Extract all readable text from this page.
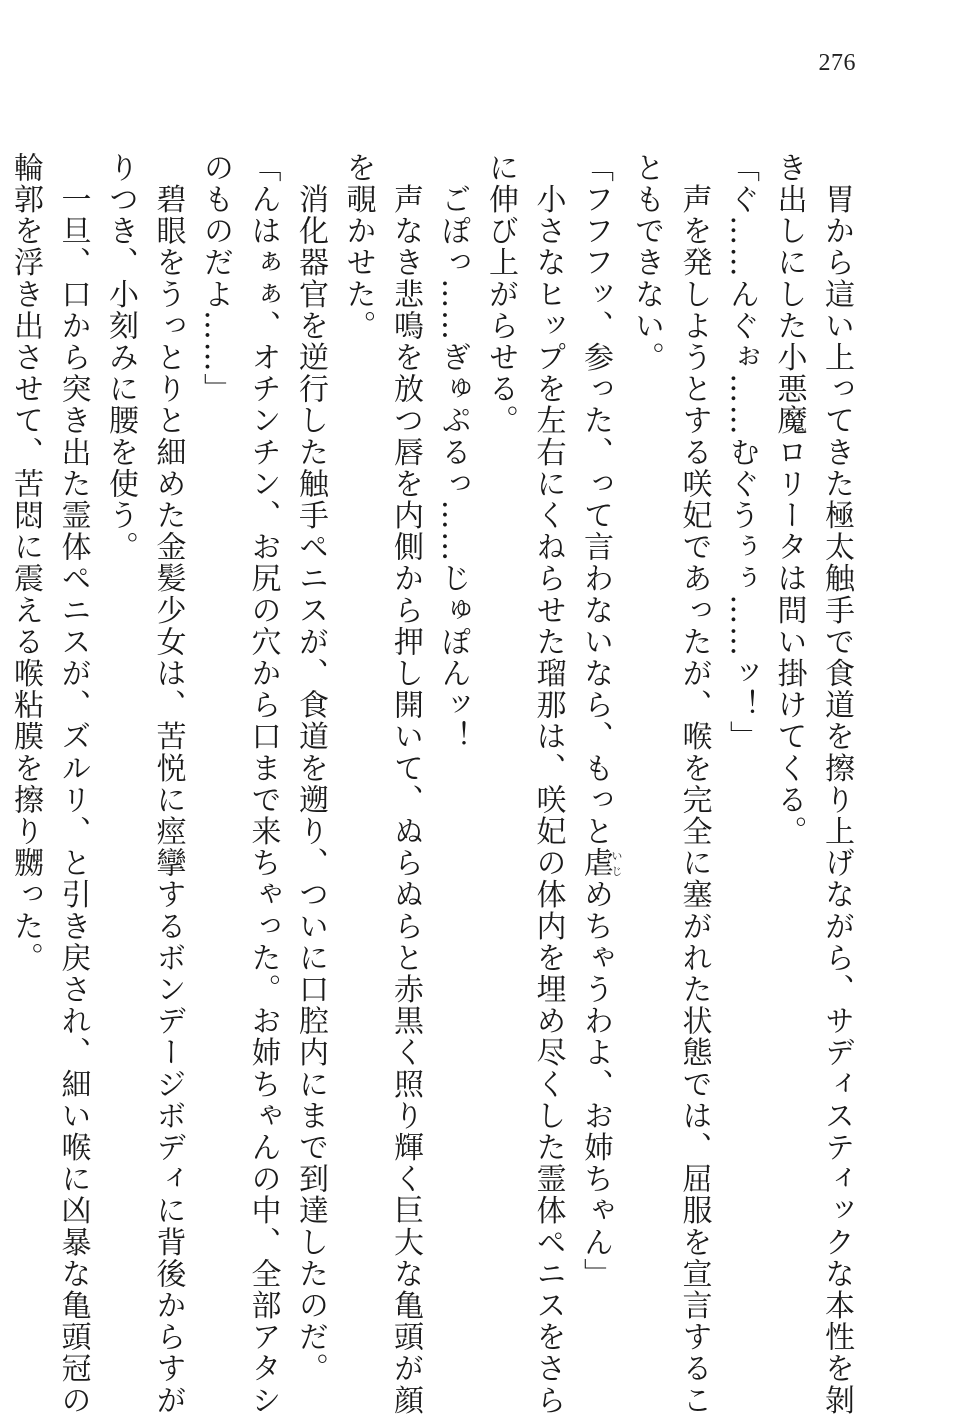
276
　胃から這い上ってきた極太触手で食道を擦り上げながら、サディスティックな本性を剝
き出しにした小悪魔ロリータは問い掛けてくる。
「ぐ……んぐぉ……むぐうぅぅ……ッ！」
　声を発しようとする咲妃であったが、喉を完全に塞がれた状態では、屈服を宣言するこ
ともできない。
「フフフッ、参った、って言わないなら、もっと虐いじめちゃうわよ、お姉ちゃん」
　小さなヒップを左右にくねらせた瑠那は、咲妃の体内を埋め尽くした霊体ペニスをさら
に伸び上がらせる。
　ごぽっ……ぎゅぷるっ……じゅぽんッ！
　声なき悲鳴を放つ唇を内側から押し開いて、ぬらぬらと赤黒く照り輝く巨大な亀頭が顔
を覗かせた。
　消化器官を逆行した触手ペニスが、食道を遡り、ついに口腔内にまで到達したのだ。
「んはぁぁ、オチンチン、お尻の穴から口まで来ちゃった。お姉ちゃんの中、全部アタシ
のものだよ……」
　碧眼をうっとりと細めた金髪少女は、苦悦に痙攣するボンデージボディに背後からすが
りつき、小刻みに腰を使う。
　一旦、口から突き出た霊体ペニスが、ズルリ、と引き戻され、細い喉に凶暴な亀頭冠の
輪郭を浮き出させて、苦悶に震える喉粘膜を擦り嬲った。
